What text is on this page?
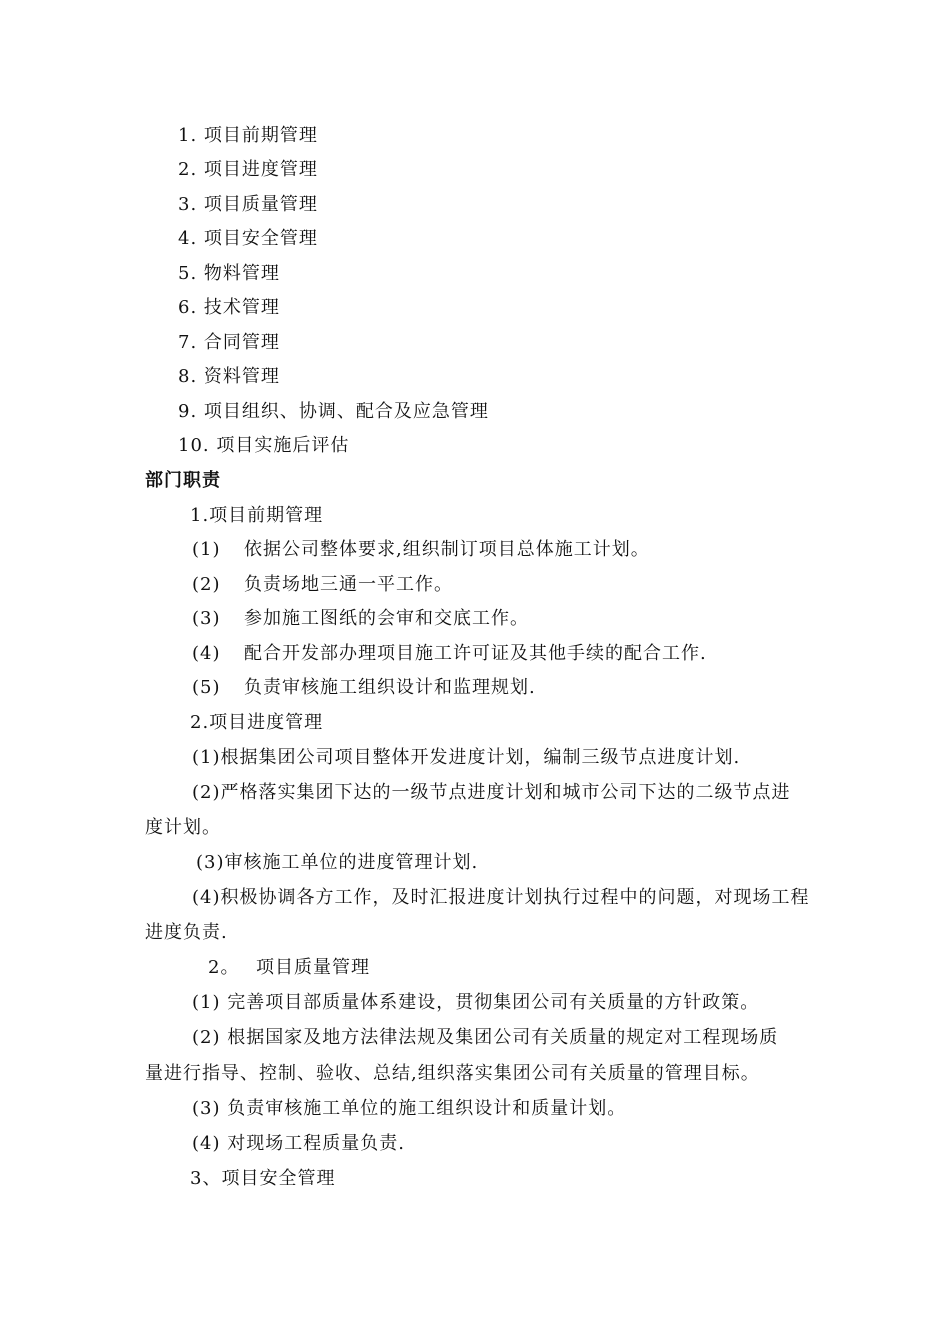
1. 项目前期管理
2. 项目进度管理
3. 项目质量管理
4. 项目安全管理
5. 物料管理
6. 技术管理
7. 合同管理
8. 资料管理
9. 项目组织、协调、配合及应急管理
10. 项目实施后评估
部门职责
1.项目前期管理
(1) 依据公司整体要求,组织制订项目总体施工计划。
(2) 负责场地三通一平工作。
(3) 参加施工图纸的会审和交底工作。
(4) 配合开发部办理项目施工许可证及其他手续的配合工作.
(5) 负责审核施工组织设计和监理规划.
2.项目进度管理
(1)根据集团公司项目整体开发进度计划，编制三级节点进度计划.
(2)严格落实集团下达的一级节点进度计划和城市公司下达的二级节点进
度计划。
(3)审核施工单位的进度管理计划.
(4)积极协调各方工作，及时汇报进度计划执行过程中的问题，对现场工程
进度负责.
2。 项目质量管理
(1) 完善项目部质量体系建设，贯彻集团公司有关质量的方针政策。
(2) 根据国家及地方法律法规及集团公司有关质量的规定对工程现场质
量进行指导、控制、验收、总结,组织落实集团公司有关质量的管理目标。
(3) 负责审核施工单位的施工组织设计和质量计划。
(4) 对现场工程质量负责.
3、项目安全管理
